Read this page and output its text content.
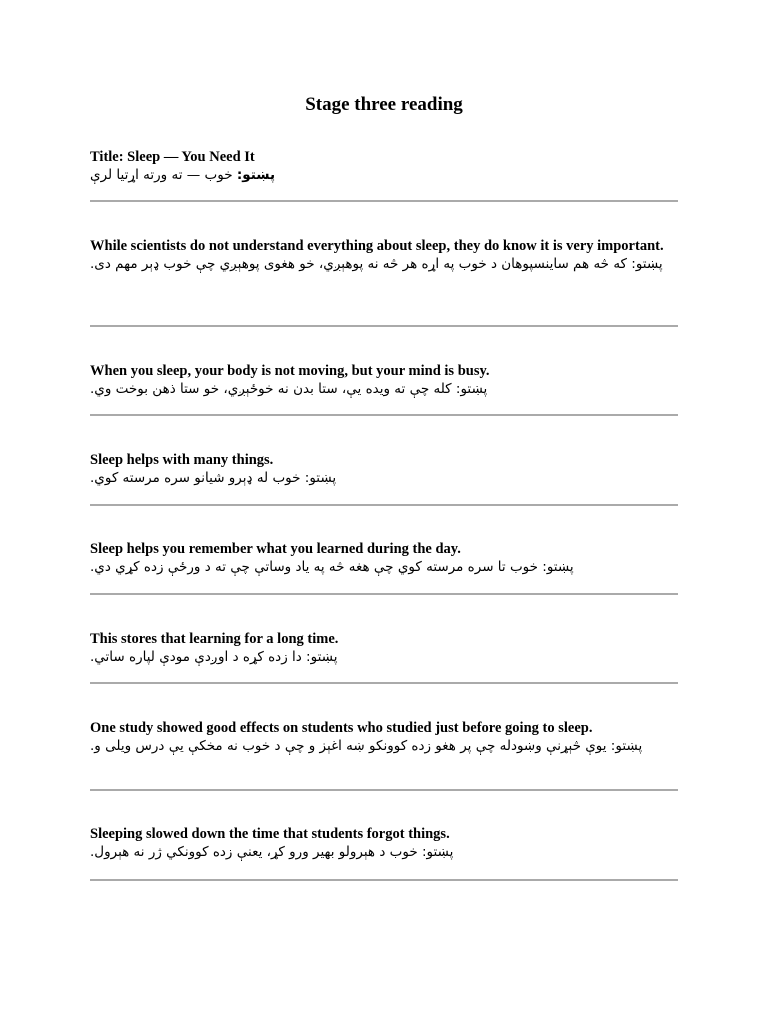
Stage three reading
Title: Sleep — You Need It
پښتو: خوب — ته ورته اړتیا لرې
While scientists do not understand everything about sleep, they do know it is very important.
پښتو: که څه هم ساینسپوهان د خوب په اړه هر څه نه پوهېږي، خو هغوی پوهېږي چې خوب ډېر مهم دی.
When you sleep, your body is not moving, but your mind is busy.
پښتو: کله چې ته ویده یې، ستا بدن نه خوځېږي، خو ستا ذهن بوخت وي.
Sleep helps with many things.
پښتو: خوب له ډېرو شیانو سره مرسته کوي.
Sleep helps you remember what you learned during the day.
پښتو: خوب تا سره مرسته کوي چې هغه څه په یاد وساتې چې ته د ورځې زده کړي دي.
This stores that learning for a long time.
پښتو: دا زده کړه د اوږدې مودې لپاره ساتي.
One study showed good effects on students who studied just before going to sleep.
پښتو: یوې څېړنې وښودله چې پر هغو زده کوونکو ښه اغېز و چې د خوب نه مخکې یې درس ویلی و.
Sleeping slowed down the time that students forgot things.
پښتو: خوب د هېرولو بهیر ورو کړ، یعنې زده کوونکي ژر نه هېرول.
